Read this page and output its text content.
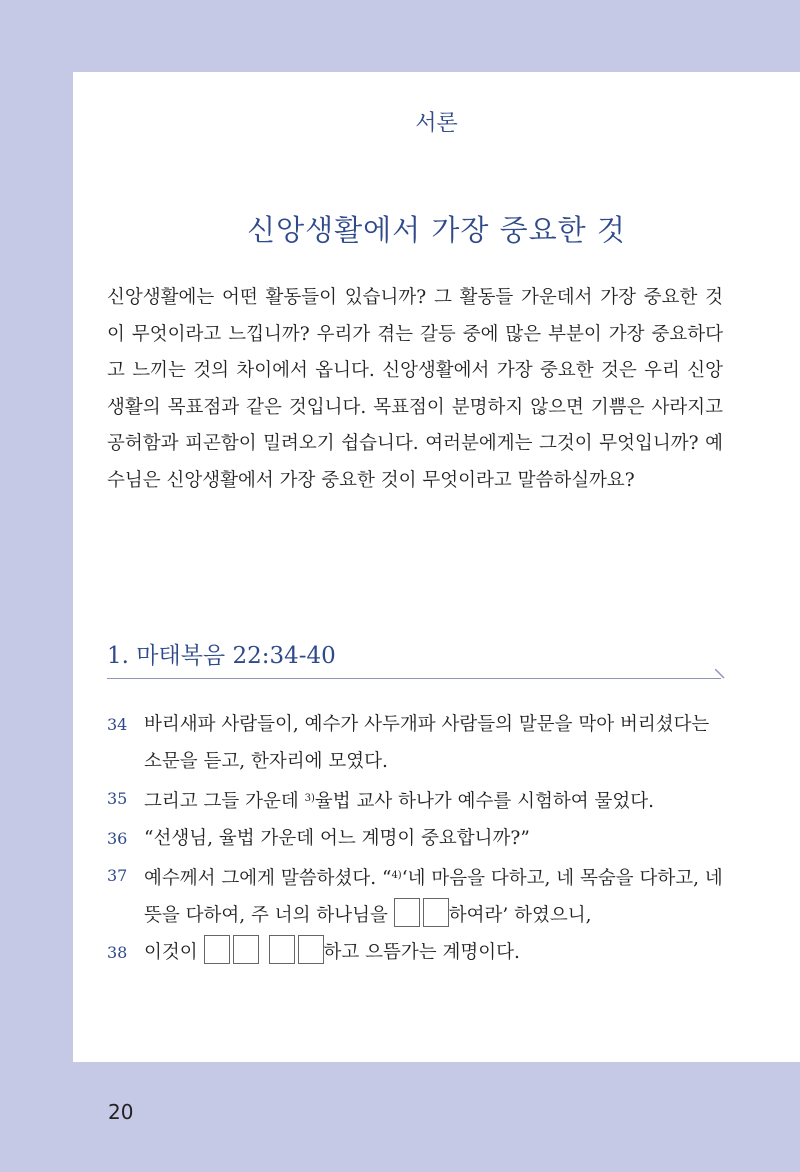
서론
신앙생활에서 가장 중요한 것
신앙생활에는 어떤 활동들이 있습니까? 그 활동들 가운데서 가장 중요한 것이 무엇이라고 느낍니까? 우리가 겪는 갈등 중에 많은 부분이 가장 중요하다고 느끼는 것의 차이에서 옵니다. 신앙생활에서 가장 중요한 것은 우리 신앙생활의 목표점과 같은 것입니다. 목표점이 분명하지 않으면 기쁨은 사라지고 공허함과 피곤함이 밀려오기 쉽습니다. 여러분에게는 그것이 무엇입니까? 예수님은 신앙생활에서 가장 중요한 것이 무엇이라고 말씀하실까요?
1. 마태복음 22:34-40
34 바리새파 사람들이, 예수가 사두개파 사람들의 말문을 막아 버리셨다는 소문을 듣고, 한자리에 모였다.
35 그리고 그들 가운데 $^{3)}$율법 교사 하나가 예수를 시험하여 물었다.
36 “선생님, 율법 가운데 어느 계명이 중요합니까?”
37 예수께서 그에게 말씀하셨다. “$^{4)}$‘네 마음을 다하고, 네 목숨을 다하고, 네 뜻을 다하여, 주 너의 하나님을	하여라’ 하였으니,
38 이것이	하고 으뜸가는 계명이다.
20
